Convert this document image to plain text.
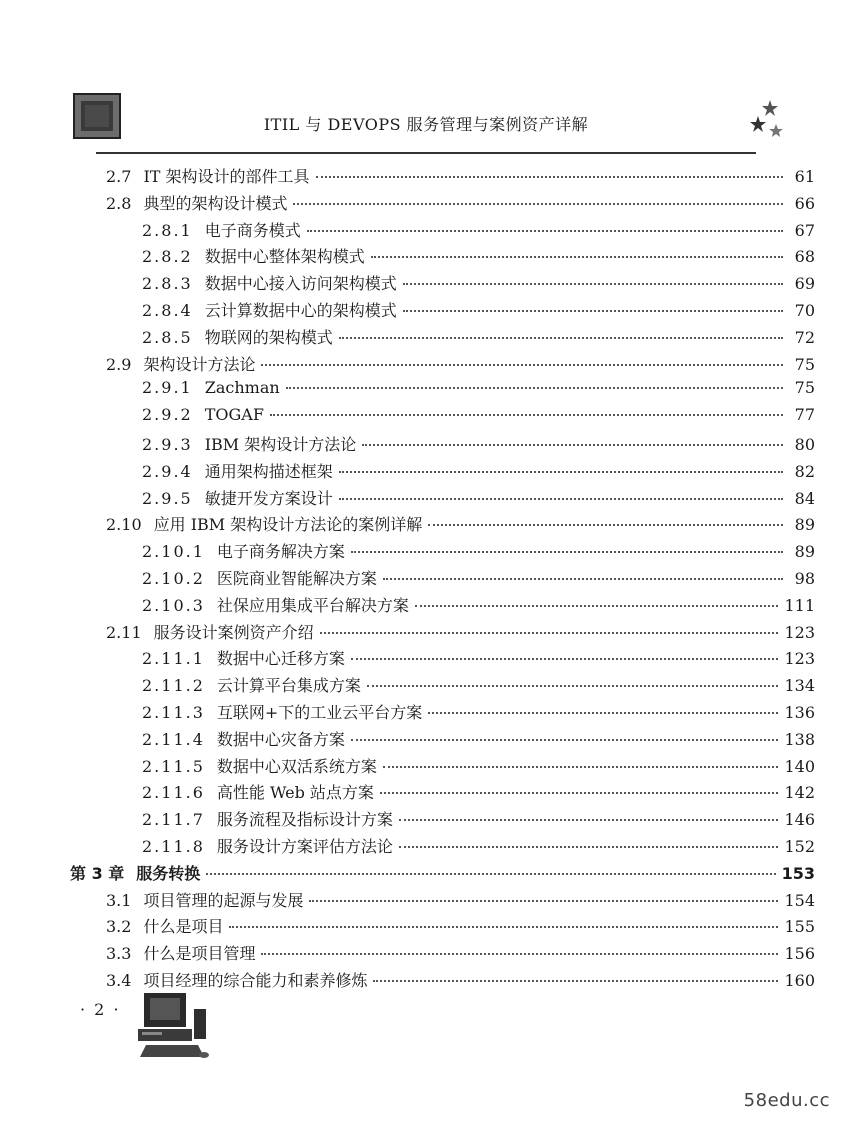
ITIL 与 DEVOPS 服务管理与案例资产详解
2.7 IT 架构设计的部件工具	61
2.8 典型的架构设计模式	66
2.8.1 电子商务模式	67
2.8.2 数据中心整体架构模式	68
2.8.3 数据中心接入访问架构模式	69
2.8.4 云计算数据中心的架构模式	70
2.8.5 物联网的架构模式	72
2.9 架构设计方法论	75
2.9.1 Zachman	75
2.9.2 TOGAF	77
2.9.3 IBM 架构设计方法论	80
2.9.4 通用架构描述框架	82
2.9.5 敏捷开发方案设计	84
2.10 应用 IBM 架构设计方法论的案例详解	89
2.10.1 电子商务解决方案	89
2.10.2 医院商业智能解决方案	98
2.10.3 社保应用集成平台解决方案	111
2.11 服务设计案例资产介绍	123
2.11.1 数据中心迁移方案	123
2.11.2 云计算平台集成方案	134
2.11.3 互联网+下的工业云平台方案	136
2.11.4 数据中心灾备方案	138
2.11.5 数据中心双活系统方案	140
2.11.6 高性能 Web 站点方案	142
2.11.7 服务流程及指标设计方案	146
2.11.8 服务设计方案评估方法论	152
第 3 章 服务转换	153
3.1 项目管理的起源与发展	154
3.2 什么是项目	155
3.3 什么是项目管理	156
3.4 项目经理的综合能力和素养修炼	160
· 2 ·
58edu.cc
